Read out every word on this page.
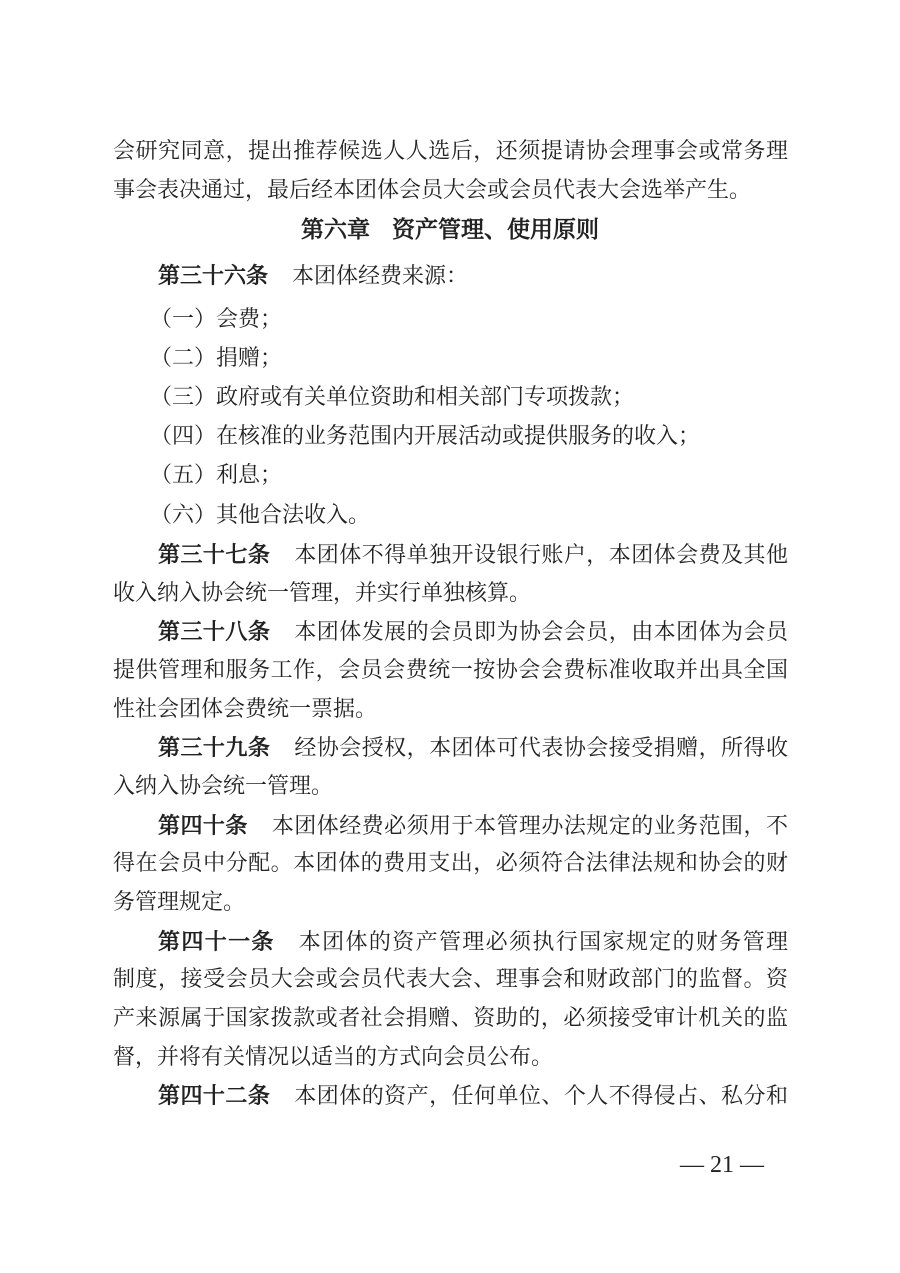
会研究同意，提出推荐候选人人选后，还须提请协会理事会或常务理
事会表决通过，最后经本团体会员大会或会员代表大会选举产生。
第六章 资产管理、使用原则
第三十六条 本团体经费来源：
（一）会费；
（二）捐赠；
（三）政府或有关单位资助和相关部门专项拨款；
（四）在核准的业务范围内开展活动或提供服务的收入；
（五）利息；
（六）其他合法收入。
第三十七条 本团体不得单独开设银行账户，本团体会费及其他
收入纳入协会统一管理，并实行单独核算。
第三十八条 本团体发展的会员即为协会会员，由本团体为会员
提供管理和服务工作，会员会费统一按协会会费标准收取并出具全国
性社会团体会费统一票据。
第三十九条 经协会授权，本团体可代表协会接受捐赠，所得收
入纳入协会统一管理。
第四十条 本团体经费必须用于本管理办法规定的业务范围，不
得在会员中分配。本团体的费用支出，必须符合法律法规和协会的财
务管理规定。
第四十一条 本团体的资产管理必须执行国家规定的财务管理
制度，接受会员大会或会员代表大会、理事会和财政部门的监督。资
产来源属于国家拨款或者社会捐赠、资助的，必须接受审计机关的监
督，并将有关情况以适当的方式向会员公布。
第四十二条 本团体的资产，任何单位、个人不得侵占、私分和
— 21 —
